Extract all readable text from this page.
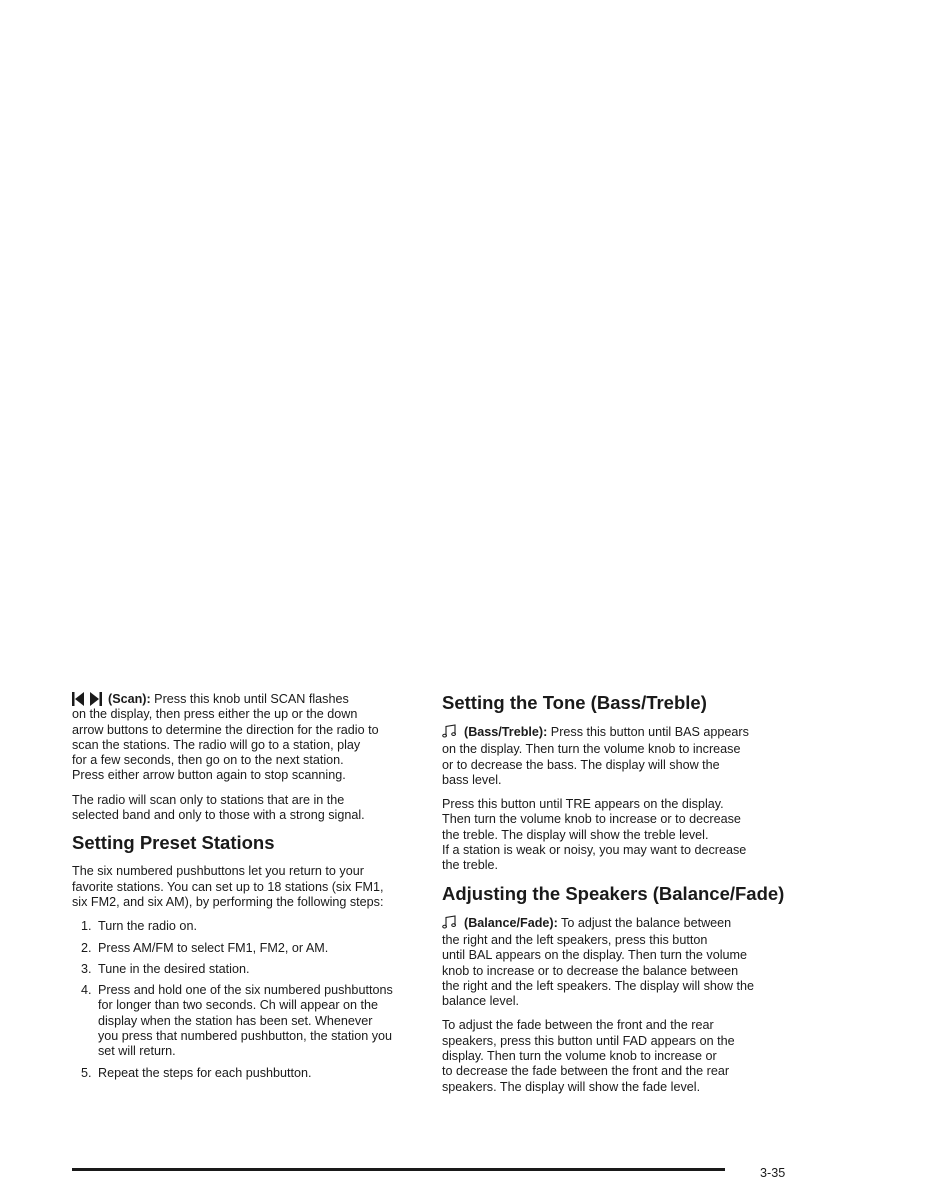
(Scan): Press this knob until SCAN flashes
on the display, then press either the up or the down
arrow buttons to determine the direction for the radio to
scan the stations. The radio will go to a station, play
for a few seconds, then go on to the next station.
Press either arrow button again to stop scanning.

The radio will scan only to stations that are in the
selected band and only to those with a strong signal.

Setting Preset Stations

The six numbered pushbuttons let you return to your
favorite stations. You can set up to 18 stations (six FM1,
six FM2, and six AM), by performing the following steps:

1. Turn the radio on.
2. Press AM/FM to select FM1, FM2, or AM.
3. Tune in the desired station.
4. Press and hold one of the six numbered pushbuttons
for longer than two seconds. Ch will appear on the
display when the station has been set. Whenever
you press that numbered pushbutton, the station you
set will return.
5. Repeat the steps for each pushbutton.
Setting the Tone (Bass/Treble)

(Bass/Treble): Press this button until BAS appears
on the display. Then turn the volume knob to increase
or to decrease the bass. The display will show the
bass level.

Press this button until TRE appears on the display.
Then turn the volume knob to increase or to decrease
the treble. The display will show the treble level.
If a station is weak or noisy, you may want to decrease
the treble.

Adjusting the Speakers (Balance/Fade)

(Balance/Fade): To adjust the balance between
the right and the left speakers, press this button
until BAL appears on the display. Then turn the volume
knob to increase or to decrease the balance between
the right and the left speakers. The display will show the
balance level.

To adjust the fade between the front and the rear
speakers, press this button until FAD appears on the
display. Then turn the volume knob to increase or
to decrease the fade between the front and the rear
speakers. The display will show the fade level.

3-35
